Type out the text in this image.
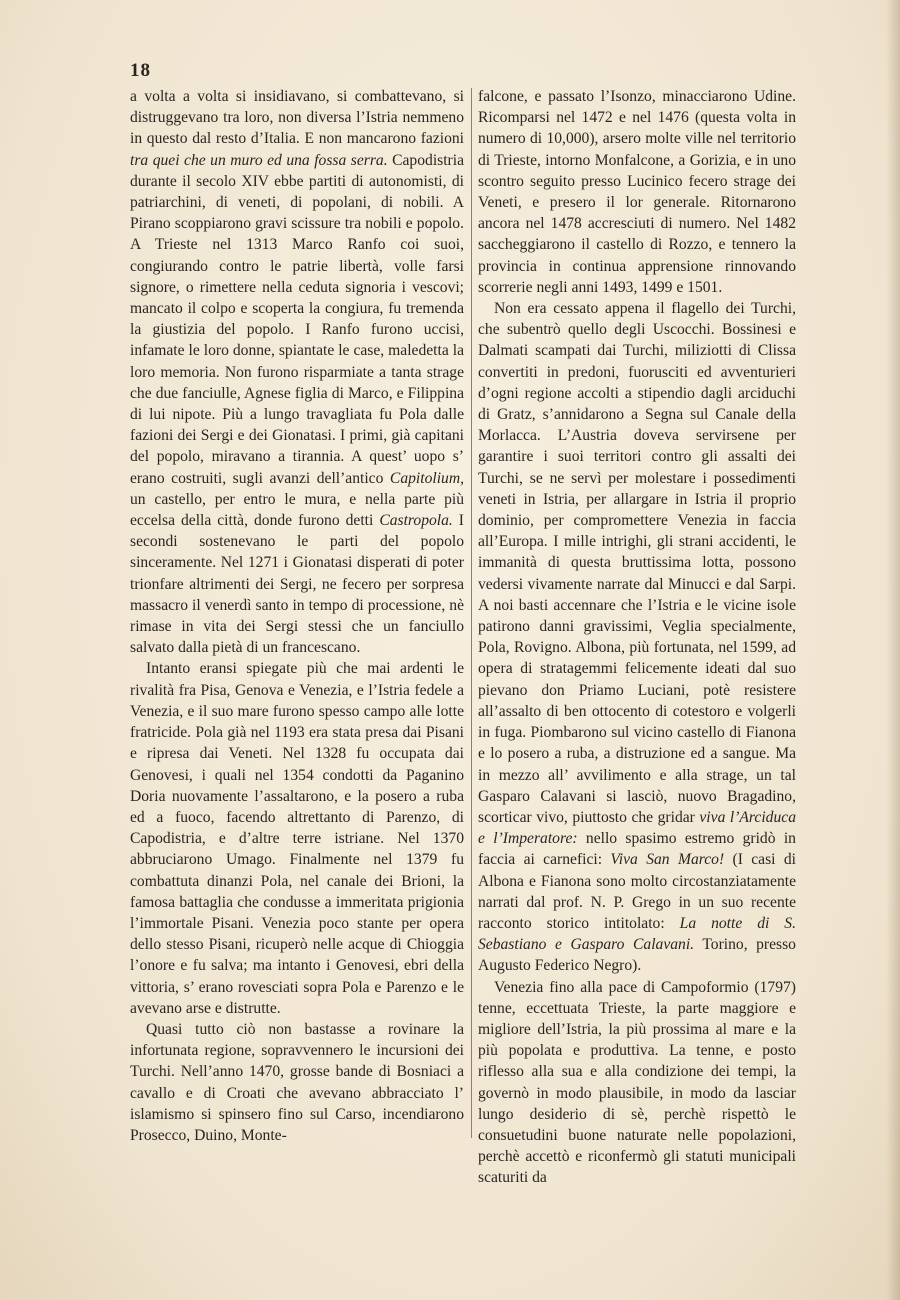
18

a volta a volta si insidiavano, si combattevano, si distruggevano tra loro, non diversa l’Istria nemmeno in questo dal resto d’Italia. E non mancarono fazioni tra quei che un muro ed una fossa serra. Capodistria durante il secolo XIV ebbe partiti di autonomisti, di patriarchini, di veneti, di popolani, di nobili. A Pirano scoppiarono gravi scissure tra nobili e popolo. A Trieste nel 1313 Marco Ranfo coi suoi, congiurando contro le patrie libertà, volle farsi signore, o rimettere nella ceduta signoria i vescovi; mancato il colpo e scoperta la congiura, fu tremenda la giustizia del popolo. I Ranfo furono uccisi, infamate le loro donne, spiantate le case, maledetta la loro memoria. Non furono risparmiate a tanta strage che due fanciulle, Agnese figlia di Marco, e Filippina di lui nipote. Più a lungo travagliata fu Pola dalle fazioni dei Sergi e dei Gionatasi. I primi, già capitani del popolo, miravano a tirannia. A quest’ uopo s’ erano costruiti, sugli avanzi dell’antico Capitolium, un castello, per entro le mura, e nella parte più eccelsa della città, donde furono detti Castropola. I secondi sostenevano le parti del popolo sinceramente. Nel 1271 i Gionatasi disperati di poter trionfare altrimenti dei Sergi, ne fecero per sorpresa massacro il venerdì santo in tempo di processione, nè rimase in vita dei Sergi stessi che un fanciullo salvato dalla pietà di un francescano.

Intanto eransi spiegate più che mai ardenti le rivalità fra Pisa, Genova e Venezia, e l’Istria fedele a Venezia, e il suo mare furono spesso campo alle lotte fratricide. Pola già nel 1193 era stata presa dai Pisani e ripresa dai Veneti. Nel 1328 fu occupata dai Genovesi, i quali nel 1354 condotti da Paganino Doria nuovamente l’assaltarono, e la posero a ruba ed a fuoco, facendo altrettanto di Parenzo, di Capodistria, e d’altre terre istriane. Nel 1370 abbruciarono Umago. Finalmente nel 1379 fu combattuta dinanzi Pola, nel canale dei Brioni, la famosa battaglia che condusse a immeritata prigionia l’immortale Pisani. Venezia poco stante per opera dello stesso Pisani, ricuperò nelle acque di Chioggia l’onore e fu salva; ma intanto i Genovesi, ebri della vittoria, s’ erano rovesciati sopra Pola e Parenzo e le avevano arse e distrutte.

Quasi tutto ciò non bastasse a rovinare la infortunata regione, sopravvennero le incursioni dei Turchi. Nell’anno 1470, grosse bande di Bosniaci a cavallo e di Croati che avevano abbracciato l’ islamismo si spinsero fino sul Carso, incendiarono Prosecco, Duino, Monte-

falcone, e passato l’Isonzo, minacciarono Udine. Ricomparsi nel 1472 e nel 1476 (questa volta in numero di 10,000), arsero molte ville nel territorio di Trieste, intorno Monfalcone, a Gorizia, e in uno scontro seguito presso Lucinico fecero strage dei Veneti, e presero il lor generale. Ritornarono ancora nel 1478 accresciuti di numero. Nel 1482 saccheggiarono il castello di Rozzo, e tennero la provincia in continua apprensione rinnovando scorrerie negli anni 1493, 1499 e 1501.

Non era cessato appena il flagello dei Turchi, che subentrò quello degli Uscocchi. Bossinesi e Dalmati scampati dai Turchi, miliziotti di Clissa convertiti in predoni, fuorusciti ed avventurieri d’ogni regione accolti a stipendio dagli arciduchi di Gratz, s’annidarono a Segna sul Canale della Morlacca. L’Austria doveva servirsene per garantire i suoi territori contro gli assalti dei Turchi, se ne servì per molestare i possedimenti veneti in Istria, per allargare in Istria il proprio dominio, per compromettere Venezia in faccia all’Europa. I mille intrighi, gli strani accidenti, le immanità di questa bruttissima lotta, possono vedersi vivamente narrate dal Minucci e dal Sarpi. A noi basti accennare che l’Istria e le vicine isole patirono danni gravissimi, Veglia specialmente, Pola, Rovigno. Albona, più fortunata, nel 1599, ad opera di stratagemmi felicemente ideati dal suo pievano don Priamo Luciani, potè resistere all’assalto di ben ottocento di cotestoro e volgerli in fuga. Piombarono sul vicino castello di Fianona e lo posero a ruba, a distruzione ed a sangue. Ma in mezzo all’ avvilimento e alla strage, un tal Gasparo Calavani si lasciò, nuovo Bragadino, scorticar vivo, piuttosto che gridar viva l’Arciduca e l’Imperatore: nello spasimo estremo gridò in faccia ai carnefici: Viva San Marco! (I casi di Albona e Fianona sono molto circostanziatamente narrati dal prof. N. P. Grego in un suo recente racconto storico intitolato: La notte di S. Sebastiano e Gasparo Calavani. Torino, presso Augusto Federico Negro).

Venezia fino alla pace di Campoformio (1797) tenne, eccettuata Trieste, la parte maggiore e migliore dell’Istria, la più prossima al mare e la più popolata e produttiva. La tenne, e posto riflesso alla sua e alla condizione dei tempi, la governò in modo plausibile, in modo da lasciar lungo desiderio di sè, perchè rispettò le consuetudini buone naturate nelle popolazioni, perchè accettò e riconfermò gli statuti municipali scaturiti da
